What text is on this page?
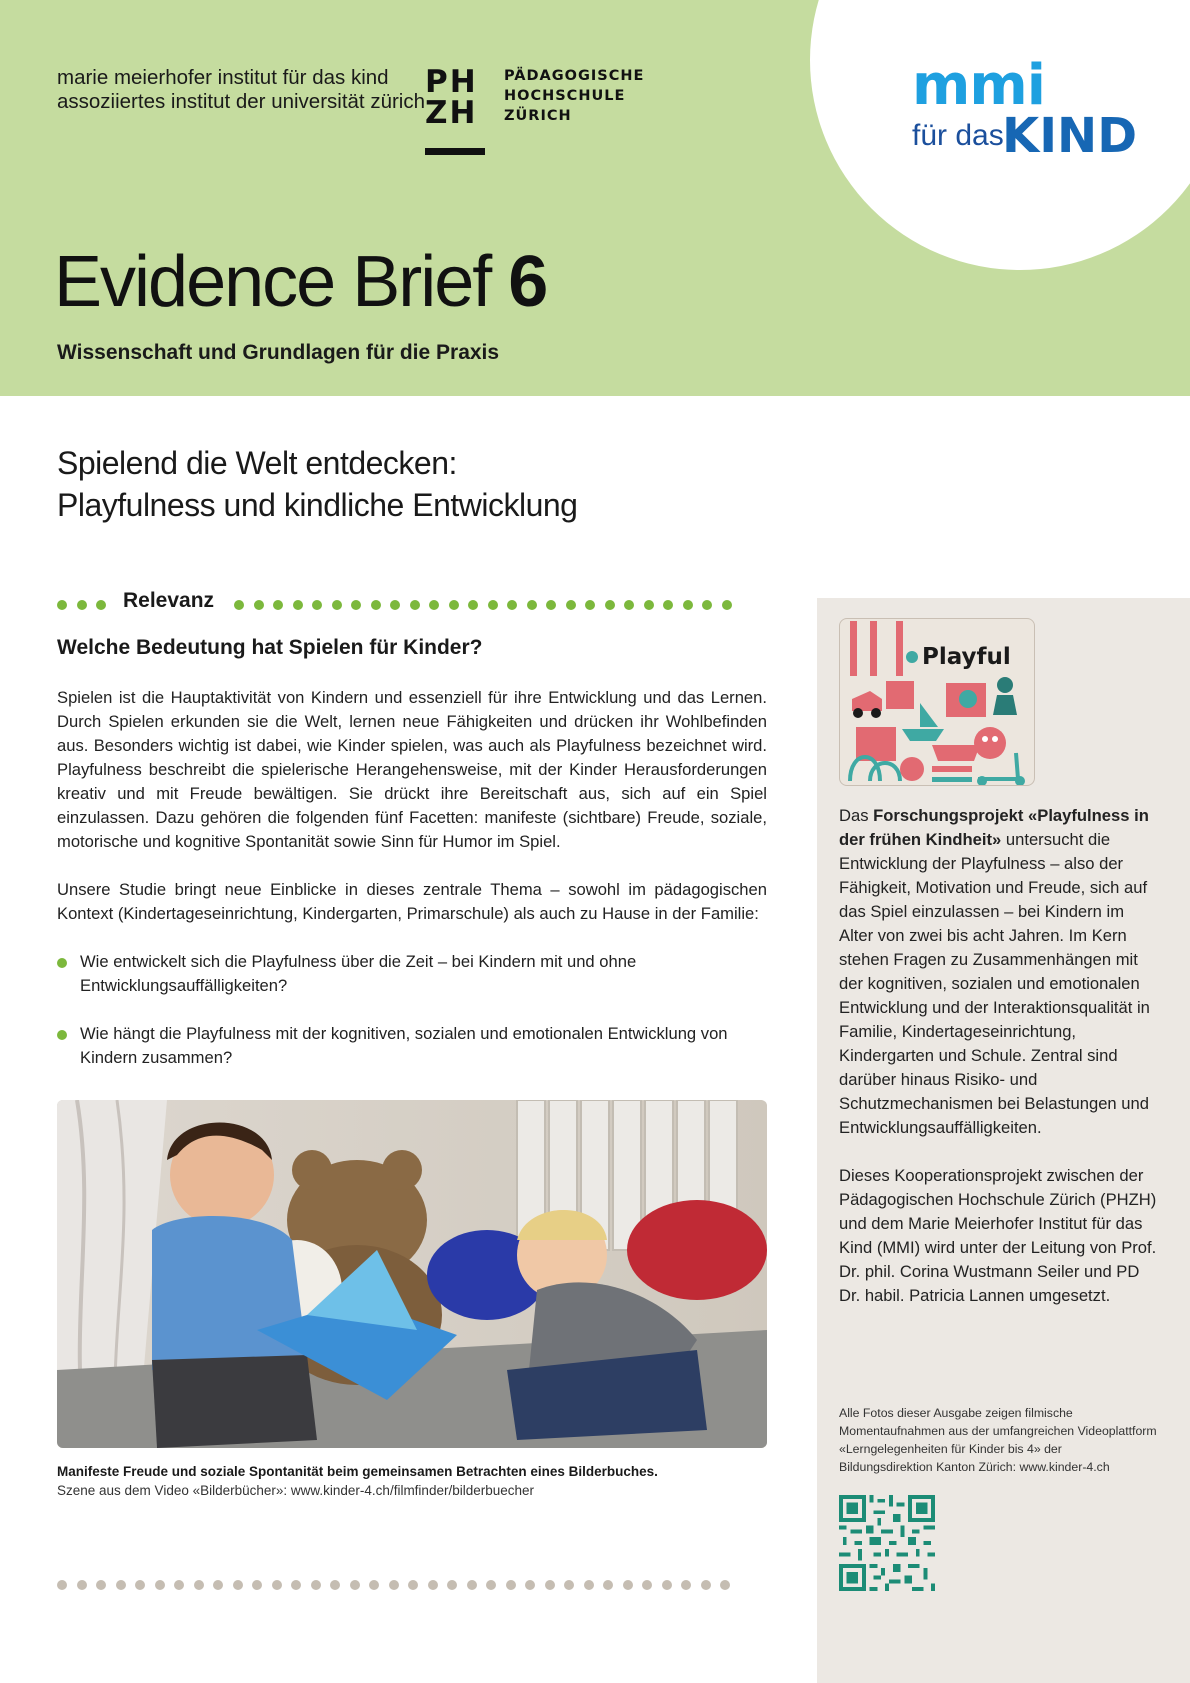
mmi
für das
KIND
marie meierhofer institut für das kind
assoziiertes institut der universität zürich
PH
ZH
PÄDAGOGISCHE
HOCHSCHULE
ZÜRICH
Evidence Brief 6
Wissenschaft und Grundlagen für die Praxis
Spielend die Welt entdecken:
Playfulness und kindliche Entwicklung
Relevanz
Welche Bedeutung hat Spielen für Kinder?

Spielen ist die Hauptaktivität von Kindern und essenziell für ihre Entwicklung und das Lernen. Durch Spielen erkunden sie die Welt, lernen neue Fähigkeiten und drücken ihr Wohlbefinden aus. Besonders wichtig ist dabei, wie Kinder spielen, was auch als Playfulness bezeichnet wird. Playfulness beschreibt die spielerische Herangehensweise, mit der Kinder Herausforderungen kreativ und mit Freude bewältigen. Sie drückt ihre Bereitschaft aus, sich auf ein Spiel einzulassen. Dazu gehören die folgenden fünf Facetten: manifeste (sichtbare) Freude, soziale, motorische und kognitive Spontanität sowie Sinn für Humor im Spiel.

Unsere Studie bringt neue Einblicke in dieses zentrale Thema – sowohl im pädagogischen Kontext (Kindertageseinrichtung, Kindergarten, Primarschule) als auch zu Hause in der Familie:

Wie entwickelt sich die Playfulness über die Zeit – bei Kindern mit und ohne Entwicklungsauffälligkeiten?
Wie hängt die Playfulness mit der kognitiven, sozialen und emotionalen Entwicklung von Kindern zusammen?
Manifeste Freude und soziale Spontanität beim gemeinsamen Betrachten eines Bilderbuches.
Szene aus dem Video «Bilderbücher»: www.kinder-4.ch/filmfinder/bilderbuecher
Playful

Das Forschungsprojekt «Playfulness in der frühen Kindheit» untersucht die Entwicklung der Playfulness – also der Fähigkeit, Motivation und Freude, sich auf das Spiel einzulassen – bei Kindern im Alter von zwei bis acht Jahren. Im Kern stehen Fragen zu Zusammenhängen mit der kognitiven, sozialen und emotionalen Entwicklung und der Interaktionsqualität in Familie, Kindertageseinrichtung, Kindergarten und Schule. Zentral sind darüber hinaus Risiko- und Schutzmechanismen bei Belastungen und Entwicklungsauffälligkeiten.

Dieses Kooperationsprojekt zwischen der Pädagogischen Hochschule Zürich (PHZH) und dem Marie Meierhofer Institut für das Kind (MMI) wird unter der Leitung von Prof. Dr. phil. Corina Wustmann Seiler und PD Dr. habil. Patricia Lannen umgesetzt.

Alle Fotos dieser Ausgabe zeigen filmische Momentaufnahmen aus der umfangreichen Videoplattform «Lerngelegenheiten für Kinder bis 4» der Bildungsdirektion Kanton Zürich: www.kinder-4.ch
